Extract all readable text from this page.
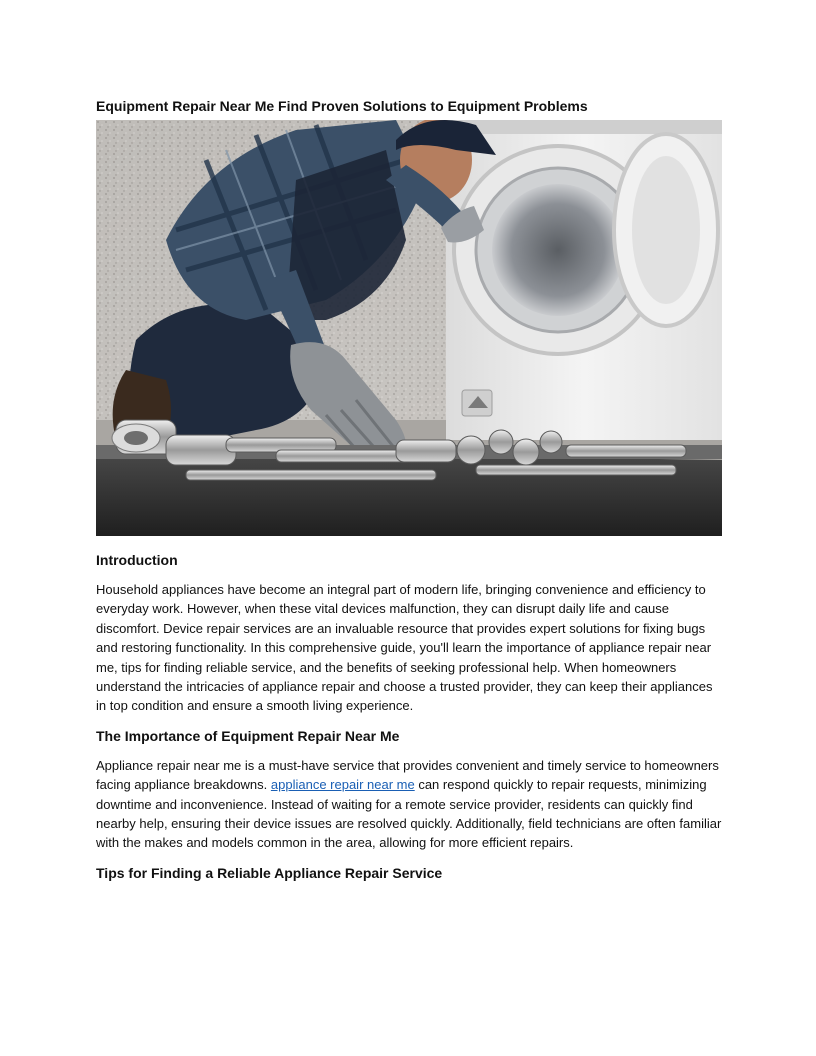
Equipment Repair Near Me Find Proven Solutions to Equipment Problems
Introduction

Household appliances have become an integral part of modern life, bringing convenience and efficiency to everyday work. However, when these vital devices malfunction, they can disrupt daily life and cause discomfort. Device repair services are an invaluable resource that provides expert solutions for fixing bugs and restoring functionality. In this comprehensive guide, you'll learn the importance of appliance repair near me, tips for finding reliable service, and the benefits of seeking professional help. When homeowners understand the intricacies of appliance repair and choose a trusted provider, they can keep their appliances in top condition and ensure a smooth living experience.

The Importance of Equipment Repair Near Me

Appliance repair near me is a must-have service that provides convenient and timely service to homeowners facing appliance breakdowns. appliance repair near me can respond quickly to repair requests, minimizing downtime and inconvenience. Instead of waiting for a remote service provider, residents can quickly find nearby help, ensuring their device issues are resolved quickly. Additionally, field technicians are often familiar with the makes and models common in the area, allowing for more efficient repairs.

Tips for Finding a Reliable Appliance Repair Service
